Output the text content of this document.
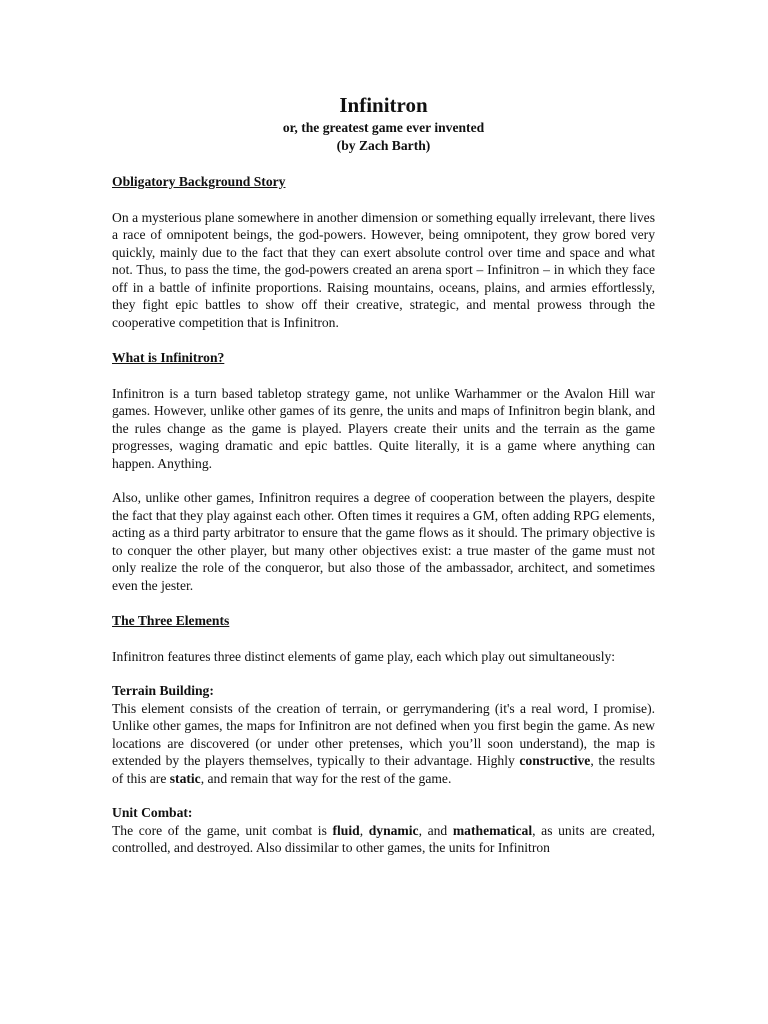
Infinitron
or, the greatest game ever invented
(by Zach Barth)
Obligatory Background Story

On a mysterious plane somewhere in another dimension or something equally irrelevant, there lives a race of omnipotent beings, the god-powers. However, being omnipotent, they grow bored very quickly, mainly due to the fact that they can exert absolute control over time and space and what not. Thus, to pass the time, the god-powers created an arena sport – Infinitron – in which they face off in a battle of infinite proportions. Raising mountains, oceans, plains, and armies effortlessly, they fight epic battles to show off their creative, strategic, and mental prowess through the cooperative competition that is Infinitron.

What is Infinitron?

Infinitron is a turn based tabletop strategy game, not unlike Warhammer or the Avalon Hill war games. However, unlike other games of its genre, the units and maps of Infinitron begin blank, and the rules change as the game is played. Players create their units and the terrain as the game progresses, waging dramatic and epic battles. Quite literally, it is a game where anything can happen. Anything.

Also, unlike other games, Infinitron requires a degree of cooperation between the players, despite the fact that they play against each other. Often times it requires a GM, often adding RPG elements, acting as a third party arbitrator to ensure that the game flows as it should. The primary objective is to conquer the other player, but many other objectives exist: a true master of the game must not only realize the role of the conqueror, but also those of the ambassador, architect, and sometimes even the jester.

The Three Elements

Infinitron features three distinct elements of game play, each which play out simultaneously:

Terrain Building:

This element consists of the creation of terrain, or gerrymandering (it's a real word, I promise). Unlike other games, the maps for Infinitron are not defined when you first begin the game. As new locations are discovered (or under other pretenses, which you’ll soon understand), the map is extended by the players themselves, typically to their advantage. Highly constructive, the results of this are static, and remain that way for the rest of the game.

Unit Combat:

The core of the game, unit combat is fluid, dynamic, and mathematical, as units are created, controlled, and destroyed. Also dissimilar to other games, the units for Infinitron
